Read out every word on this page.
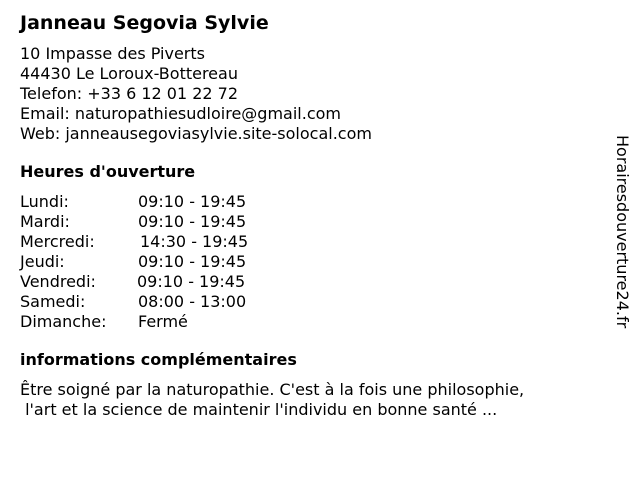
Janneau Segovia Sylvie
10 Impasse des Piverts
44430 Le Loroux-Bottereau
Telefon: +33 6 12 01 22 72
Email: naturopathiesudloire@gmail.com
Web: janneausegoviasylvie.site-solocal.com
Heures d'ouverture
Lundi:	09:10 - 19:45
Mardi:	09:10 - 19:45
Mercredi:	14:30 - 19:45
Jeudi:	09:10 - 19:45
Vendredi:	09:10 - 19:45
Samedi:	08:00 - 13:00
Dimanche:	Fermé
informations complémentaires
Être soigné par la naturopathie. C'est à la fois une philosophie,
l'art et la science de maintenir l'individu en bonne santé ...
Horairesdouverture24.fr
